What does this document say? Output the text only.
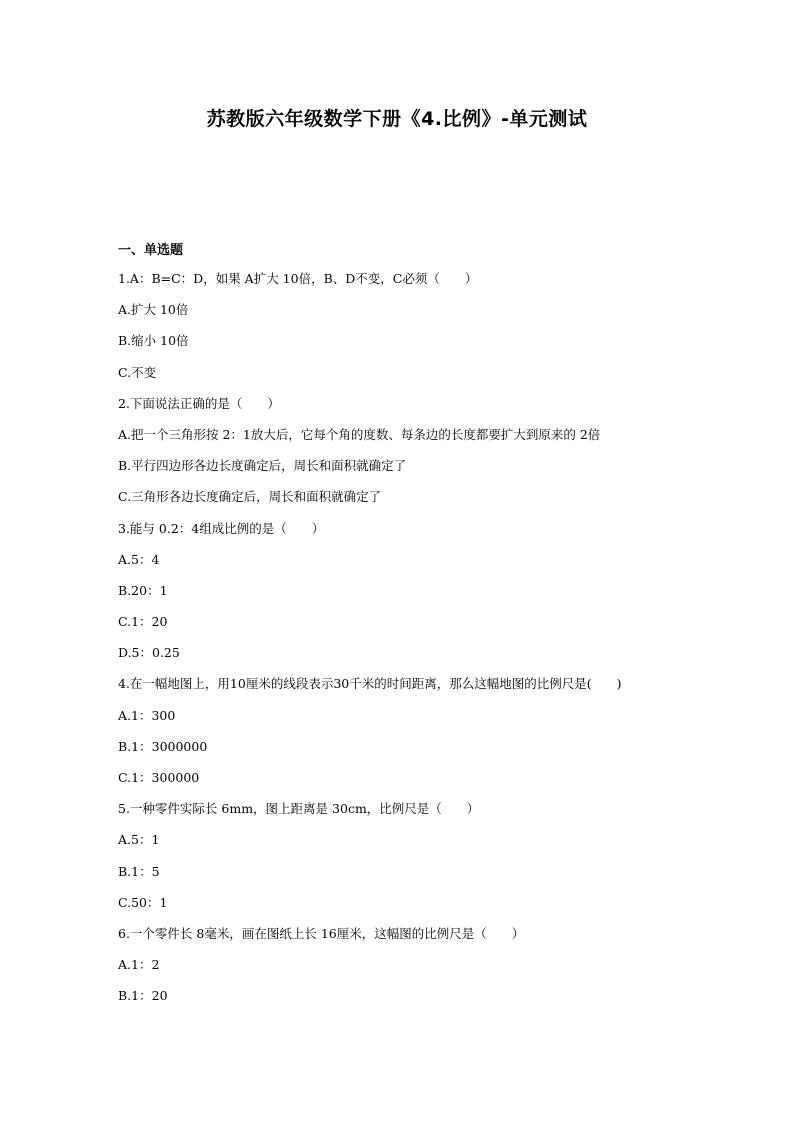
苏教版六年级数学下册《4.比例》-单元测试
一、单选题
1.A：B=C：D，如果 A扩大 10倍，B、D不变，C必须（　　）
A.扩大 10倍
B.缩小 10倍
C.不变
2.下面说法正确的是（　　）
A.把一个三角形按 2：1放大后，它每个角的度数、每条边的长度都要扩大到原来的 2倍
B.平行四边形各边长度确定后，周长和面积就确定了
C.三角形各边长度确定后，周长和面积就确定了
3.能与 0.2：4组成比例的是（　　）
A.5：4
B.20：1
C.1：20
D.5：0.25
4.在一幅地图上，用10厘米的线段表示30千米的时间距离，那么这幅地图的比例尺是(　　)
A.1：300
B.1：3000000
C.1：300000
5.一种零件实际长 6mm，图上距离是 30cm，比例尺是（　　）
A.5：1
B.1：5
C.50：1
6.一个零件长 8毫米，画在图纸上长 16厘米，这幅图的比例尺是（　　）
A.1：2
B.1：20
